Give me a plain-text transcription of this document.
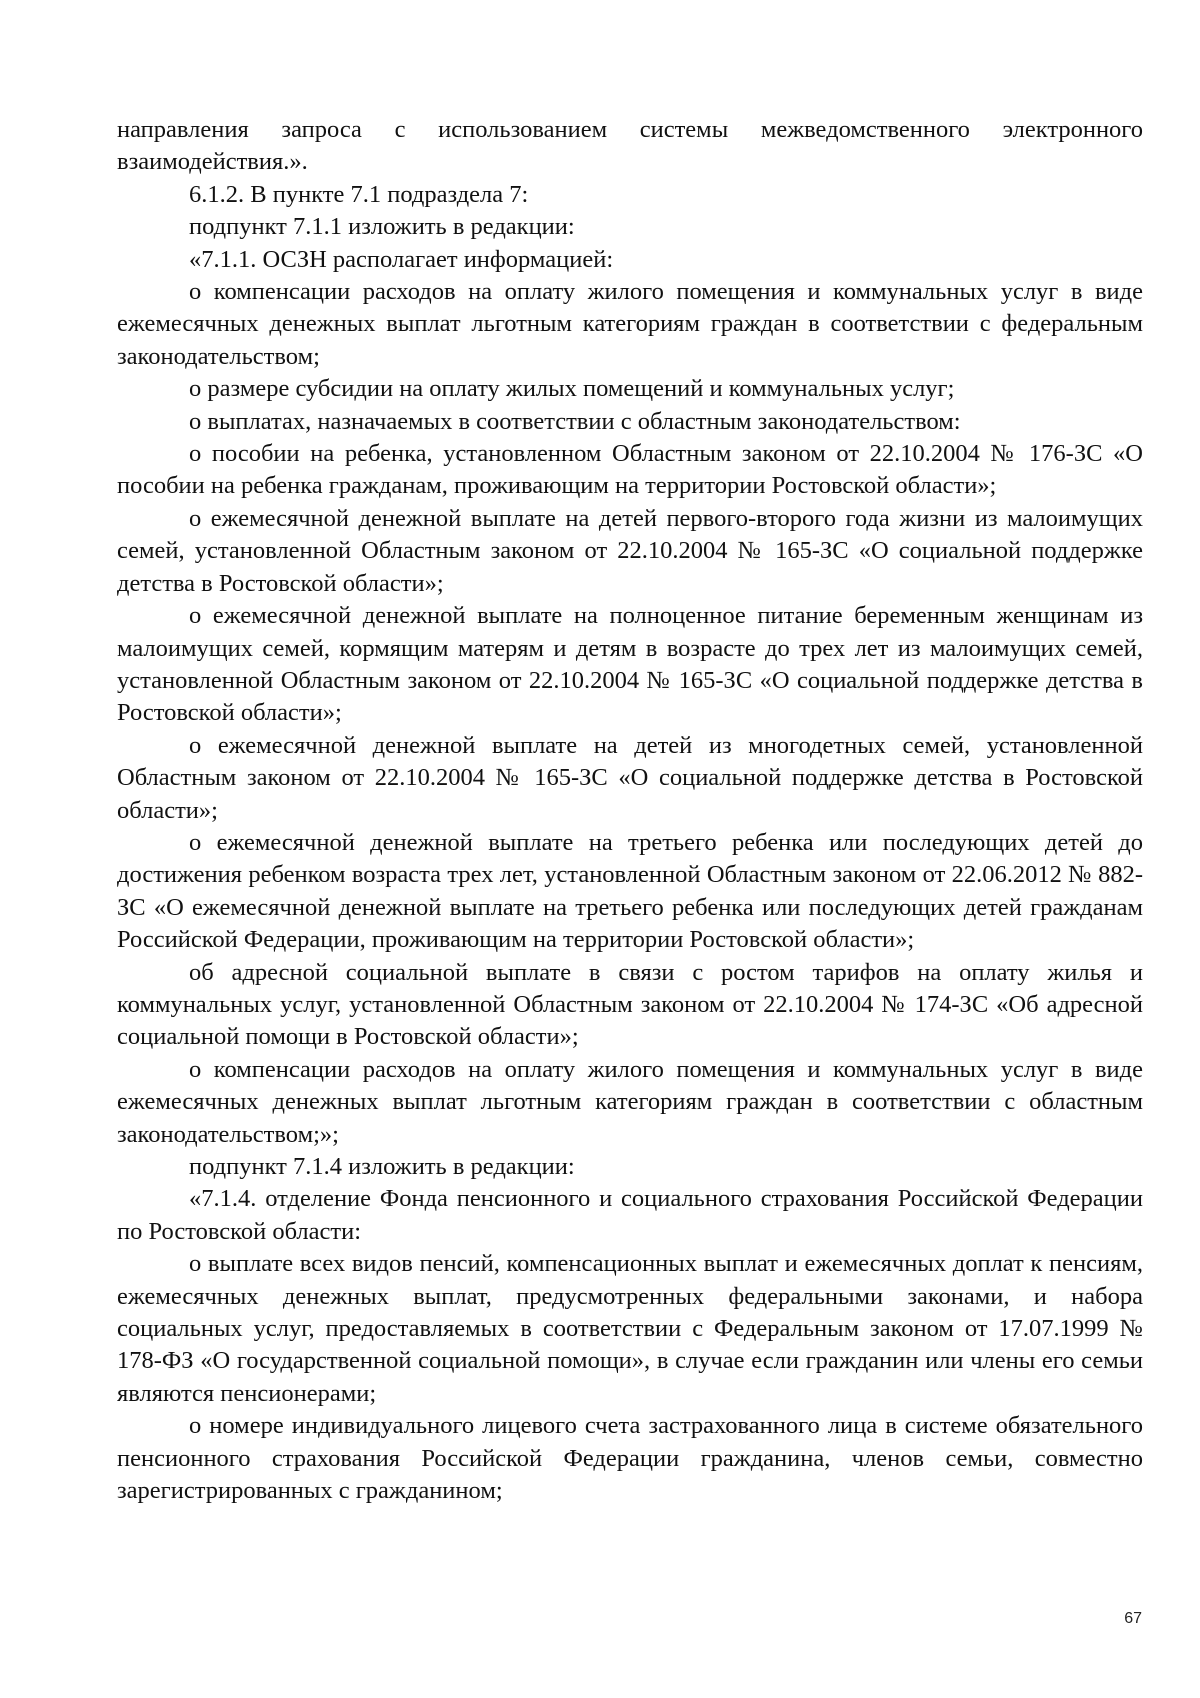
направления запроса с использованием системы межведомственного электронного взаимодействия.».

6.1.2. В пункте 7.1 подраздела 7:

подпункт 7.1.1 изложить в редакции:

«7.1.1. ОСЗН располагает информацией:

о компенсации расходов на оплату жилого помещения и коммунальных услуг в виде ежемесячных денежных выплат льготным категориям граждан в соответствии с федеральным законодательством;

о размере субсидии на оплату жилых помещений и коммунальных услуг;

о выплатах, назначаемых в соответствии с областным законодательством:

о пособии на ребенка, установленном Областным законом от 22.10.2004 № 176-ЗС «О пособии на ребенка гражданам, проживающим на территории Ростовской области»;

о ежемесячной денежной выплате на детей первого-второго года жизни из малоимущих семей, установленной Областным законом от 22.10.2004 № 165-ЗС «О социальной поддержке детства в Ростовской области»;

о ежемесячной денежной выплате на полноценное питание беременным женщинам из малоимущих семей, кормящим матерям и детям в возрасте до трех лет из малоимущих семей, установленной Областным законом от 22.10.2004 № 165-ЗС «О социальной поддержке детства в Ростовской области»;

о ежемесячной денежной выплате на детей из многодетных семей, установленной Областным законом от 22.10.2004 № 165-ЗС «О социальной поддержке детства в Ростовской области»;

о ежемесячной денежной выплате на третьего ребенка или последующих детей до достижения ребенком возраста трех лет, установленной Областным законом от 22.06.2012 № 882-ЗС «О ежемесячной денежной выплате на третьего ребенка или последующих детей гражданам Российской Федерации, проживающим на территории Ростовской области»;

об адресной социальной выплате в связи с ростом тарифов на оплату жилья и коммунальных услуг, установленной Областным законом от 22.10.2004 № 174-ЗС «Об адресной социальной помощи в Ростовской области»;

о компенсации расходов на оплату жилого помещения и коммунальных услуг в виде ежемесячных денежных выплат льготным категориям граждан в соответствии с областным законодательством;»;

подпункт 7.1.4 изложить в редакции:

«7.1.4. отделение Фонда пенсионного и социального страхования Российской Федерации по Ростовской области:

о выплате всех видов пенсий, компенсационных выплат и ежемесячных доплат к пенсиям, ежемесячных денежных выплат, предусмотренных федеральными законами, и набора социальных услуг, предоставляемых в соответствии с Федеральным законом от 17.07.1999 № 178-ФЗ «О государственной социальной помощи», в случае если гражданин или члены его семьи являются пенсионерами;

о номере индивидуального лицевого счета застрахованного лица в системе обязательного пенсионного страхования Российской Федерации гражданина, членов семьи, совместно зарегистрированных с гражданином;

67
